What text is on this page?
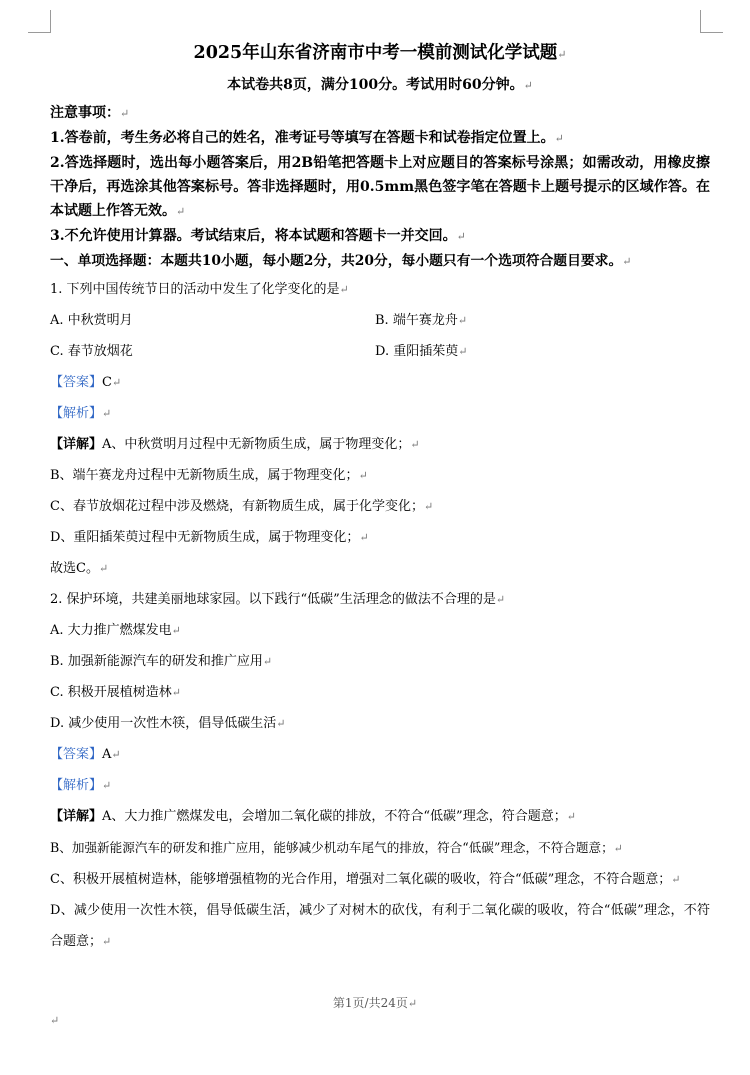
2025年山东省济南市中考一模前测试化学试题↵
本试卷共8页，满分100分。考试用时60分钟。↵
注意事项：↵
1.答卷前，考生务必将自己的姓名，准考证号等填写在答题卡和试卷指定位置上。↵
2.答选择题时，选出每小题答案后，用2B铅笔把答题卡上对应题目的答案标号涂黑；如需改动，用橡皮擦干净后，再选涂其他答案标号。答非选择题时，用0.5mm黑色签字笔在答题卡上题号提示的区域作答。在本试题上作答无效。↵
3.不允许使用计算器。考试结束后，将本试题和答题卡一并交回。↵
一、单项选择题：本题共10小题，每小题2分，共20分，每小题只有一个选项符合题目要求。↵
1. 下列中国传统节日的活动中发生了化学变化的是↵
A. 中秋赏明月	B. 端午赛龙舟↵
C. 春节放烟花	D. 重阳插茱萸↵
【答案】C↵
【解析】↵
【详解】A、中秋赏明月过程中无新物质生成，属于物理变化；↵
B、端午赛龙舟过程中无新物质生成，属于物理变化；↵
C、春节放烟花过程中涉及燃烧，有新物质生成，属于化学变化；↵
D、重阳插茱萸过程中无新物质生成，属于物理变化；↵
故选C。↵
2. 保护环境，共建美丽地球家园。以下践行“低碳”生活理念的做法不合理的是↵
A. 大力推广燃煤发电↵
B. 加强新能源汽车的研发和推广应用↵
C. 积极开展植树造林↵
D. 减少使用一次性木筷，倡导低碳生活↵
【答案】A↵
【解析】↵
【详解】A、大力推广燃煤发电，会增加二氧化碳的排放，不符合“低碳”理念，符合题意；↵
B、加强新能源汽车的研发和推广应用，能够减少机动车尾气的排放，符合“低碳”理念，不符合题意；↵
C、积极开展植树造林，能够增强植物的光合作用，增强对二氧化碳的吸收，符合“低碳”理念，不符合题意；↵
D、减少使用一次性木筷，倡导低碳生活，减少了对树木的砍伐，有利于二氧化碳的吸收，符合“低碳”理念，不符合题意；↵
第1页/共24页↵
↵
